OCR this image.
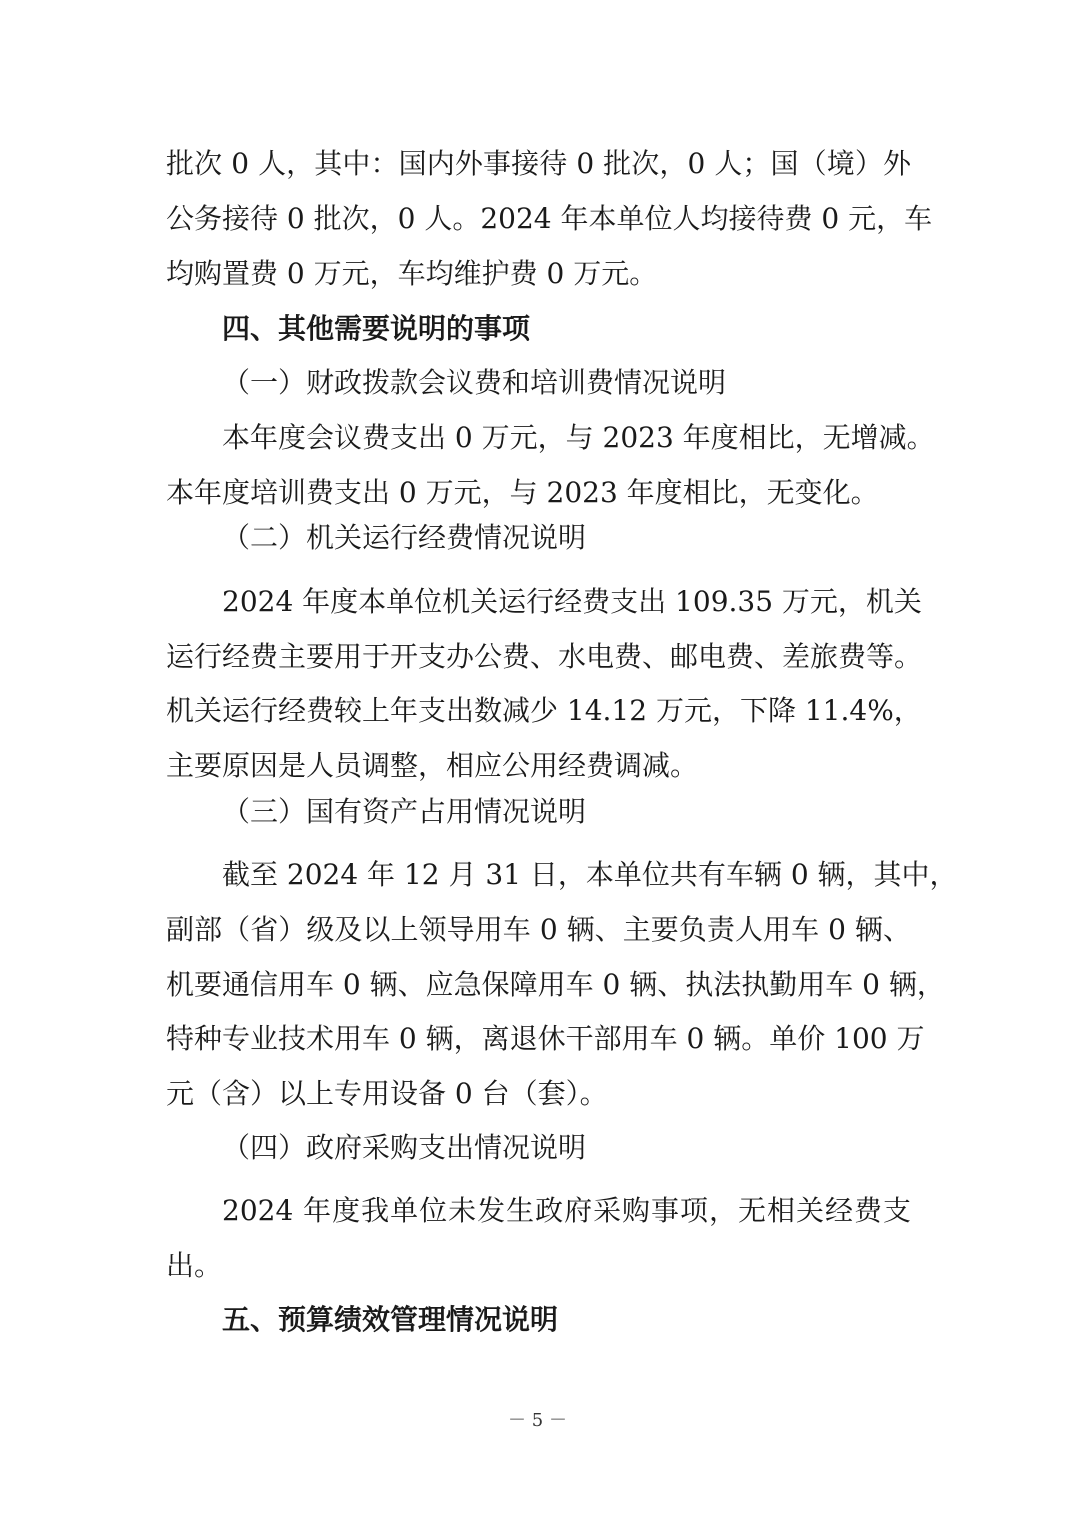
批次 0 人，其中：国内外事接待 0 批次，0 人；国（境）外
公务接待 0 批次，0 人。2024 年本单位人均接待费 0 元，车
均购置费 0 万元，车均维护费 0 万元。
四、其他需要说明的事项
（一）财政拨款会议费和培训费情况说明
本年度会议费支出 0 万元，与 2023 年度相比，无增减。
本年度培训费支出 0 万元，与 2023 年度相比，无变化。
（二）机关运行经费情况说明
2024 年度本单位机关运行经费支出 109.35 万元，机关
运行经费主要用于开支办公费、水电费、邮电费、差旅费等。
机关运行经费较上年支出数减少 14.12 万元，下降 11.4%，
主要原因是人员调整，相应公用经费调减。
（三）国有资产占用情况说明
截至 2024 年 12 月 31 日，本单位共有车辆 0 辆，其中，
副部（省）级及以上领导用车 0 辆、主要负责人用车 0 辆、
机要通信用车 0 辆、应急保障用车 0 辆、执法执勤用车 0 辆，
特种专业技术用车 0 辆，离退休干部用车 0 辆。单价 100 万
元（含）以上专用设备 0 台（套）。
（四）政府采购支出情况说明
2024 年度我单位未发生政府采购事项，无相关经费支
出。
五、预算绩效管理情况说明
－ 5 －
